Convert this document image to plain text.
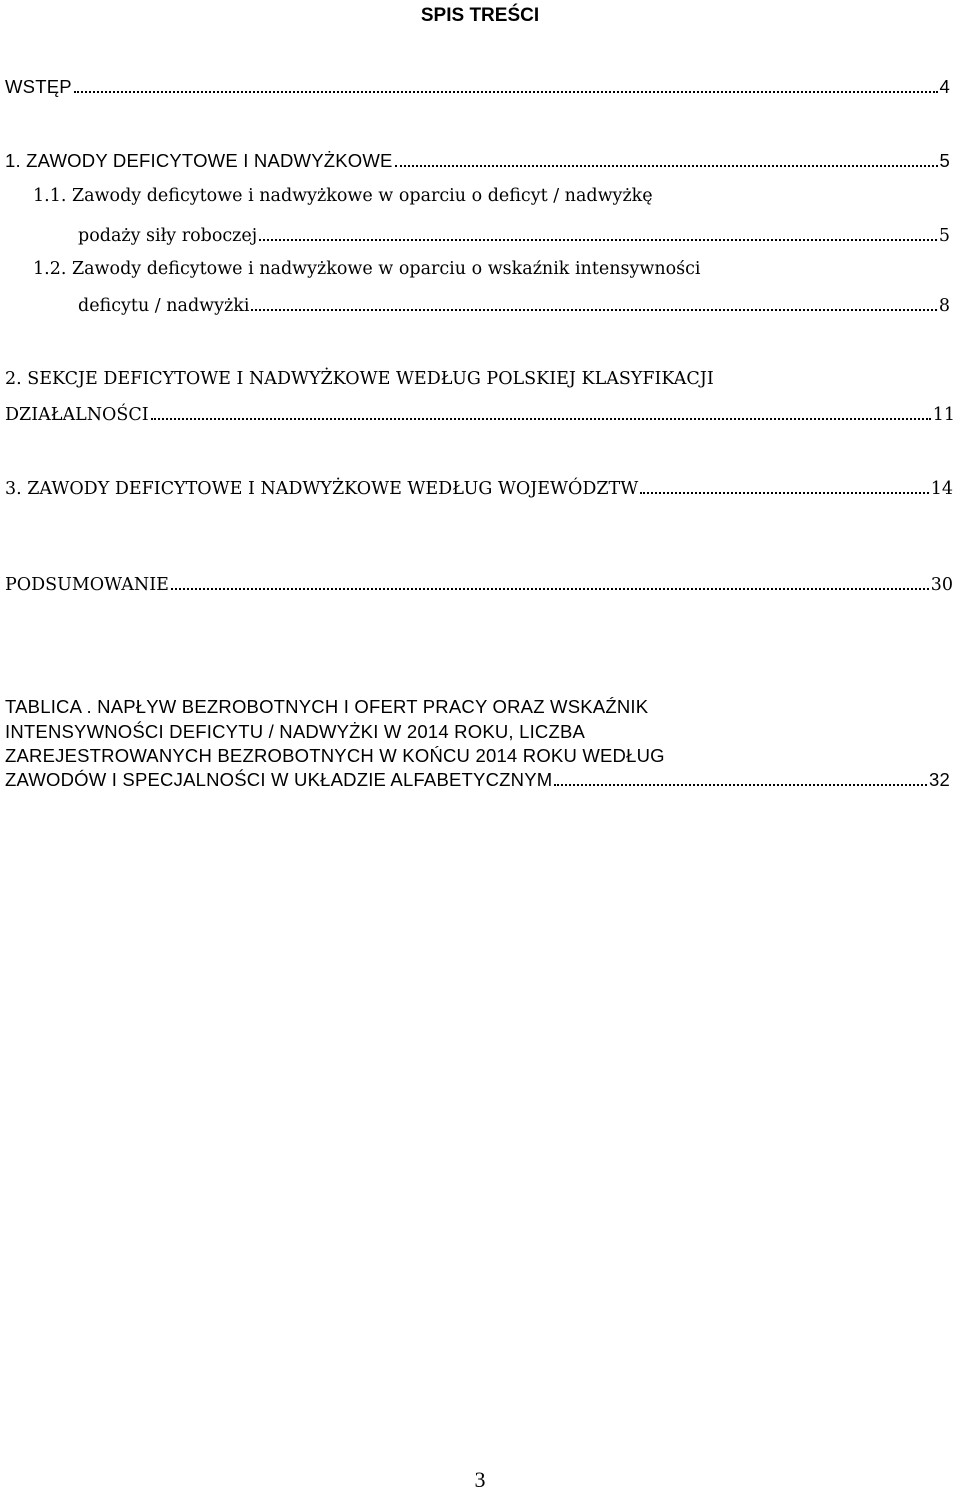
SPIS TREŚCI
WSTĘP	4
1. ZAWODY DEFICYTOWE I NADWYŻKOWE	5
1.1. Zawody deficytowe i nadwyżkowe w oparciu o deficyt / nadwyżkę
podaży siły roboczej	5
1.2. Zawody deficytowe i nadwyżkowe w oparciu o wskaźnik intensywności
deficytu / nadwyżki	8
2. SEKCJE DEFICYTOWE I NADWYŻKOWE WEDŁUG POLSKIEJ KLASYFIKACJI
DZIAŁALNOŚCI	11
3. ZAWODY DEFICYTOWE I NADWYŻKOWE WEDŁUG WOJEWÓDZTW	14
PODSUMOWANIE	30
TABLICA . NAPŁYW BEZROBOTNYCH I OFERT PRACY ORAZ WSKAŹNIK
INTENSYWNOŚCI DEFICYTU / NADWYŻKI W 2014 ROKU, LICZBA
ZAREJESTROWANYCH BEZROBOTNYCH W KOŃCU 2014 ROKU WEDŁUG
ZAWODÓW I SPECJALNOŚCI W UKŁADZIE ALFABETYCZNYM	32
3
